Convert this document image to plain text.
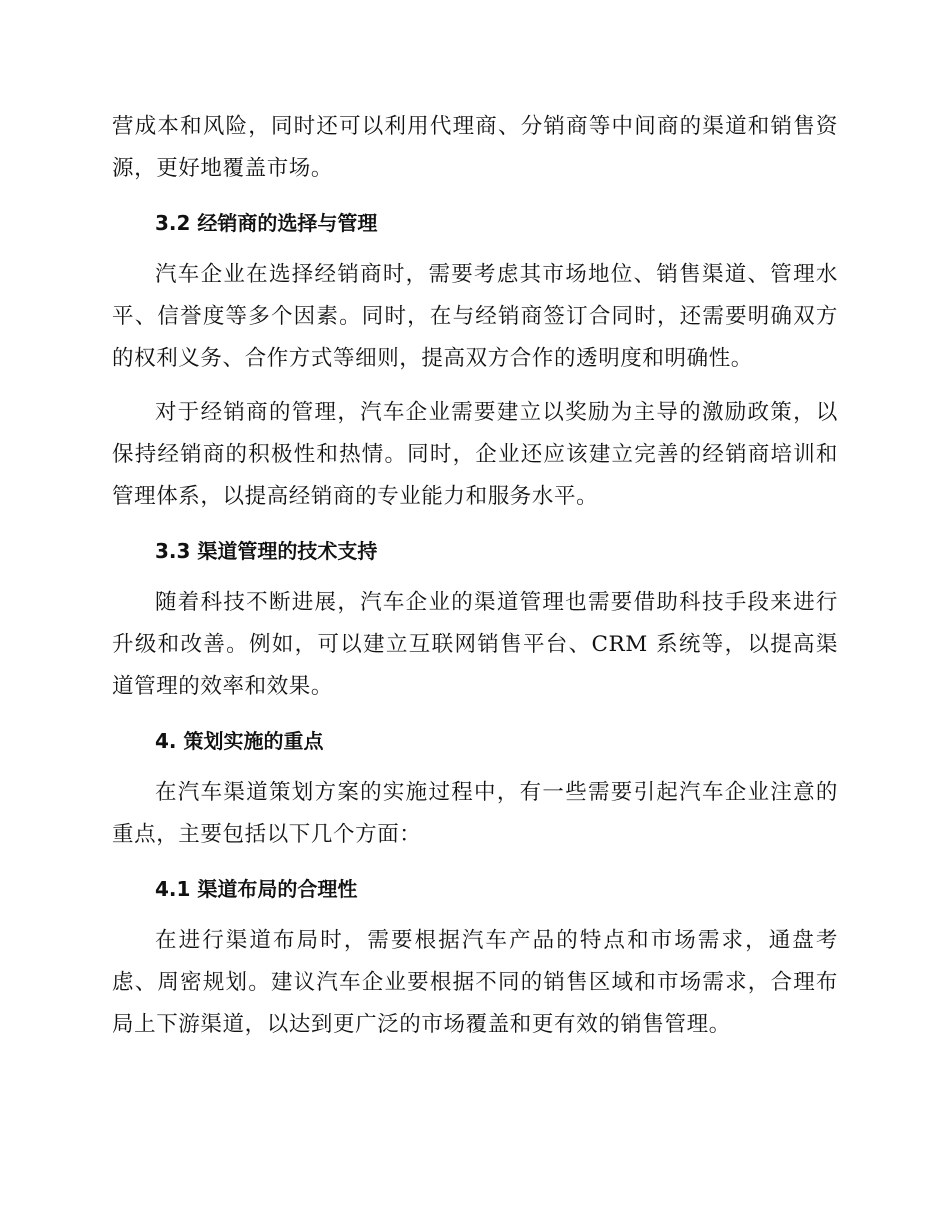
营成本和风险，同时还可以利用代理商、分销商等中间商的渠道和销售资源，更好地覆盖市场。

3.2 经销商的选择与管理

汽车企业在选择经销商时，需要考虑其市场地位、销售渠道、管理水平、信誉度等多个因素。同时，在与经销商签订合同时，还需要明确双方的权利义务、合作方式等细则，提高双方合作的透明度和明确性。

对于经销商的管理，汽车企业需要建立以奖励为主导的激励政策，以保持经销商的积极性和热情。同时，企业还应该建立完善的经销商培训和管理体系，以提高经销商的专业能力和服务水平。

3.3 渠道管理的技术支持

随着科技不断进展，汽车企业的渠道管理也需要借助科技手段来进行升级和改善。例如，可以建立互联网销售平台、CRM 系统等，以提高渠道管理的效率和效果。

4. 策划实施的重点

在汽车渠道策划方案的实施过程中，有一些需要引起汽车企业注意的重点，主要包括以下几个方面：

4.1 渠道布局的合理性

在进行渠道布局时，需要根据汽车产品的特点和市场需求，通盘考虑、周密规划。建议汽车企业要根据不同的销售区域和市场需求，合理布局上下游渠道，以达到更广泛的市场覆盖和更有效的销售管理。
